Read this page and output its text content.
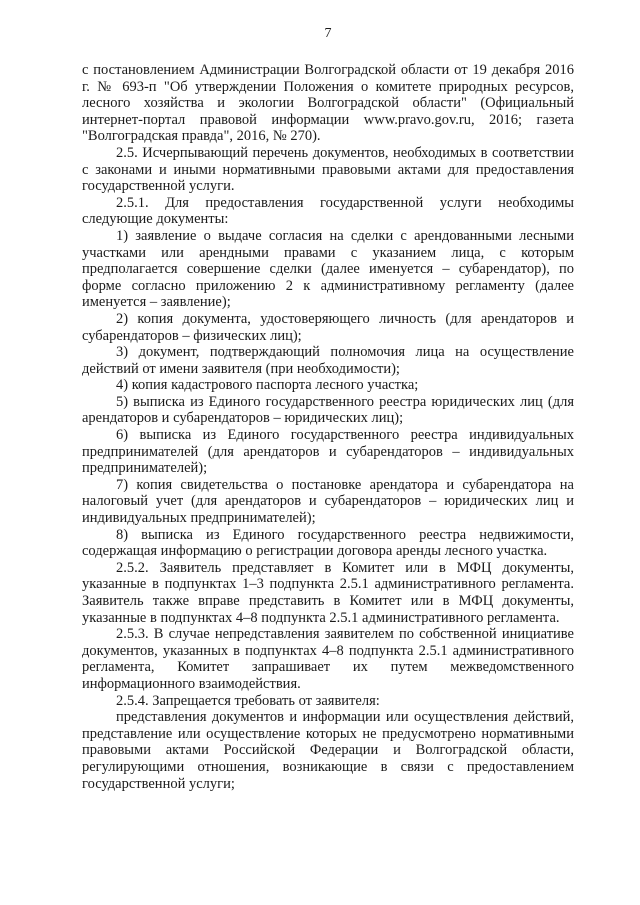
7

с постановлением Администрации Волгоградской области от 19 декабря 2016 г. № 693-п "Об утверждении Положения о комитете природных ресурсов, лесного хозяйства и экологии Волгоградской области" (Официальный интернет-портал правовой информации www.pravo.gov.ru, 2016; газета "Волгоградская правда", 2016, № 270).

2.5. Исчерпывающий перечень документов, необходимых в соответствии с законами и иными нормативными правовыми актами для предоставления государственной услуги.

2.5.1. Для предоставления государственной услуги необходимы следующие документы:

1) заявление о выдаче согласия на сделки с арендованными лесными участками или арендными правами с указанием лица, с которым предполагается совершение сделки (далее именуется – субарендатор), по форме согласно приложению 2 к административному регламенту (далее именуется – заявление);

2) копия документа, удостоверяющего личность (для арендаторов и субарендаторов – физических лиц);

3) документ, подтверждающий полномочия лица на осуществление действий от имени заявителя (при необходимости);

4) копия кадастрового паспорта лесного участка;

5) выписка из Единого государственного реестра юридических лиц (для арендаторов и субарендаторов – юридических лиц);

6) выписка из Единого государственного реестра индивидуальных предпринимателей (для арендаторов и субарендаторов – индивидуальных предпринимателей);

7) копия свидетельства о постановке арендатора и субарендатора на налоговый учет (для арендаторов и субарендаторов – юридических лиц и индивидуальных предпринимателей);

8) выписка из Единого государственного реестра недвижимости, содержащая информацию о регистрации договора аренды лесного участка.

2.5.2. Заявитель представляет в Комитет или в МФЦ документы, указанные в подпунктах 1–3 подпункта 2.5.1 административного регламента. Заявитель также вправе представить в Комитет или в МФЦ документы, указанные в подпунктах 4–8 подпункта 2.5.1 административного регламента.

2.5.3. В случае непредставления заявителем по собственной инициативе документов, указанных в подпунктах 4–8 подпункта 2.5.1 административного регламента, Комитет запрашивает их путем межведомственного информационного взаимодействия.

2.5.4. Запрещается требовать от заявителя:

представления документов и информации или осуществления действий, представление или осуществление которых не предусмотрено нормативными правовыми актами Российской Федерации и Волгоградской области, регулирующими отношения, возникающие в связи с предоставлением государственной услуги;
